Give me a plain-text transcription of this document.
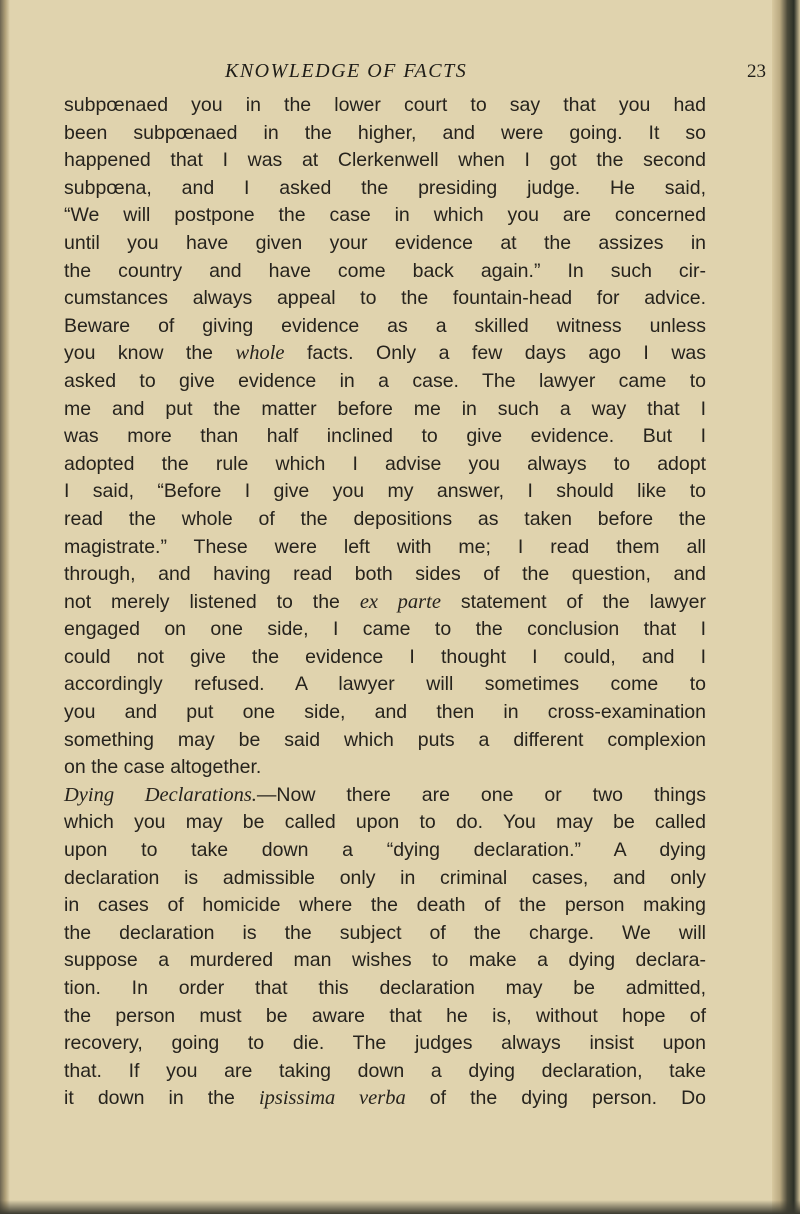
KNOWLEDGE OF FACTS	23
subpœnaed you in the lower court to say that you had
been subpœnaed in the higher, and were going. It so
happened that I was at Clerkenwell when I got the second
subpœna, and I asked the presiding judge. He said,
“We will postpone the case in which you are concerned
until you have given your evidence at the assizes in
the country and have come back again.” In such cir-
cumstances always appeal to the fountain-head for advice.
Beware of giving evidence as a skilled witness unless
you know the whole facts. Only a few days ago I was
asked to give evidence in a case. The lawyer came to
me and put the matter before me in such a way that I
was more than half inclined to give evidence. But I
adopted the rule which I advise you always to adopt
I said, “Before I give you my answer, I should like to
read the whole of the depositions as taken before the
magistrate.” These were left with me; I read them all
through, and having read both sides of the question, and
not merely listened to the ex parte statement of the lawyer
engaged on one side, I came to the conclusion that I
could not give the evidence I thought I could, and I
accordingly refused. A lawyer will sometimes come to
you and put one side, and then in cross-examination
something may be said which puts a different complexion
on the case altogether.
Dying Declarations.—Now there are one or two things
which you may be called upon to do. You may be called
upon to take down a “dying declaration.” A dying
declaration is admissible only in criminal cases, and only
in cases of homicide where the death of the person making
the declaration is the subject of the charge. We will
suppose a murdered man wishes to make a dying declara-
tion. In order that this declaration may be admitted,
the person must be aware that he is, without hope of
recovery, going to die. The judges always insist upon
that. If you are taking down a dying declaration, take
it down in the ipsissima verba of the dying person. Do
